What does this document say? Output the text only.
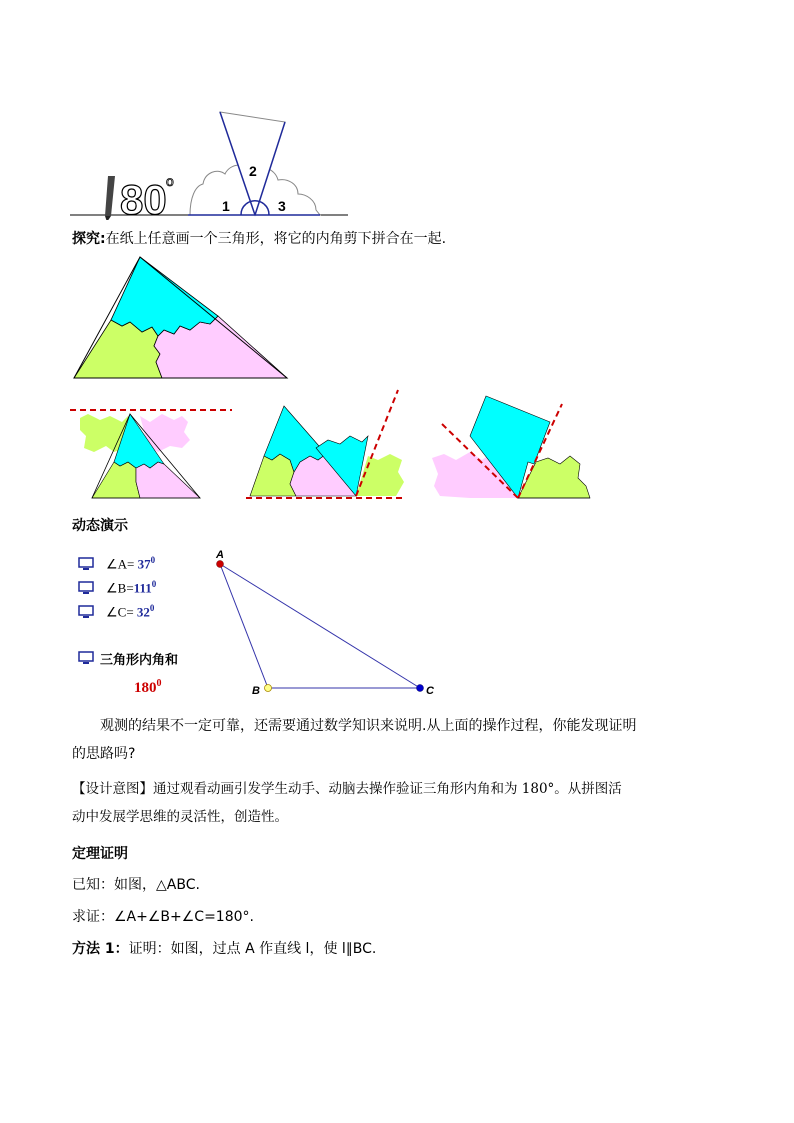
1
2
3
80 o
探究:在纸上任意画一个三角形，将它的内角剪下拼合在一起.
动态演示
∠A= $37^0$
$\angle B=111^0$
∠C= $32^0$
三角形内角和
$180^0$
A
B	C
观测的结果不一定可靠，还需要通过数学知识来说明.从上面的操作过程，你能发现证明
的思路吗?
【设计意图】通过观看动画引发学生动手、动脑去操作验证三角形内角和为 180°。从拼图活
动中发展学思维的灵活性，创造性。
定理证明
已知：如图，△ABC.
求证：∠A+∠B+∠C=180°.
方法 1：证明：如图，过点 A 作直线 l，使 l∥BC.
